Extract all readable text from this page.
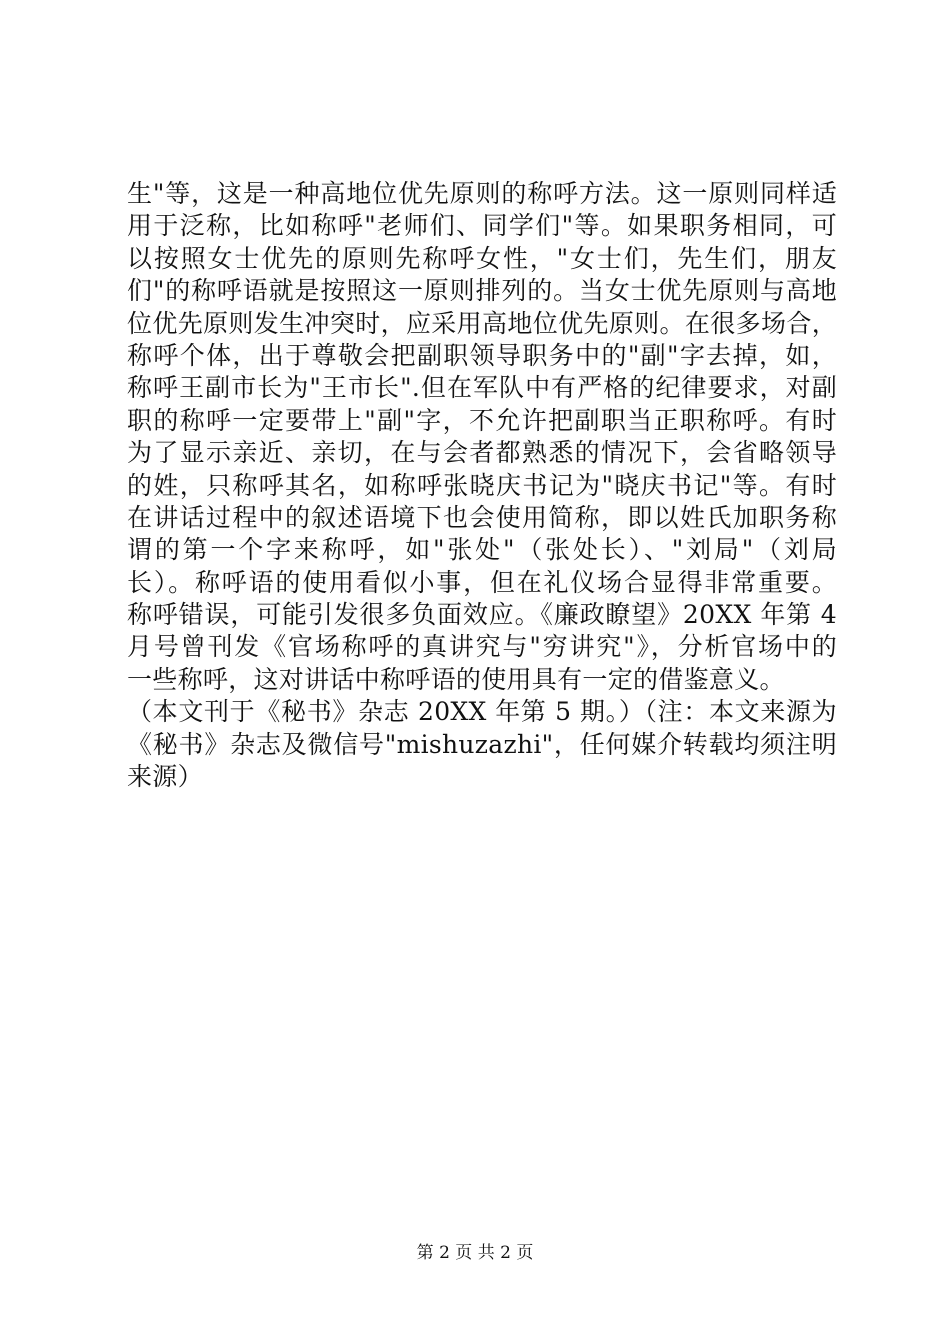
生"等，这是一种高地位优先原则的称呼方法。这一原则同样适
用于泛称，比如称呼"老师们、同学们"等。如果职务相同，可
以按照女士优先的原则先称呼女性，"女士们，先生们，朋友
们"的称呼语就是按照这一原则排列的。当女士优先原则与高地
位优先原则发生冲突时，应采用高地位优先原则。在很多场合，
称呼个体，出于尊敬会把副职领导职务中的"副"字去掉，如，
称呼王副市长为"王市长".但在军队中有严格的纪律要求，对副
职的称呼一定要带上"副"字，不允许把副职当正职称呼。有时
为了显示亲近、亲切，在与会者都熟悉的情况下，会省略领导
的姓，只称呼其名，如称呼张晓庆书记为"晓庆书记"等。有时
在讲话过程中的叙述语境下也会使用简称，即以姓氏加职务称
谓的第一个字来称呼，如"张处"（张处长）、"刘局"（刘局
长）。称呼语的使用看似小事，但在礼仪场合显得非常重要。
称呼错误，可能引发很多负面效应。《廉政瞭望》20XX 年第 4
月号曾刊发《官场称呼的真讲究与"穷讲究"》，分析官场中的
一些称呼，这对讲话中称呼语的使用具有一定的借鉴意义。
（本文刊于《秘书》杂志 20XX 年第 5 期。）（注：本文来源为
《秘书》杂志及微信号"mishuzazhi"，任何媒介转载均须注明
来源）
第 2 页 共 2 页
